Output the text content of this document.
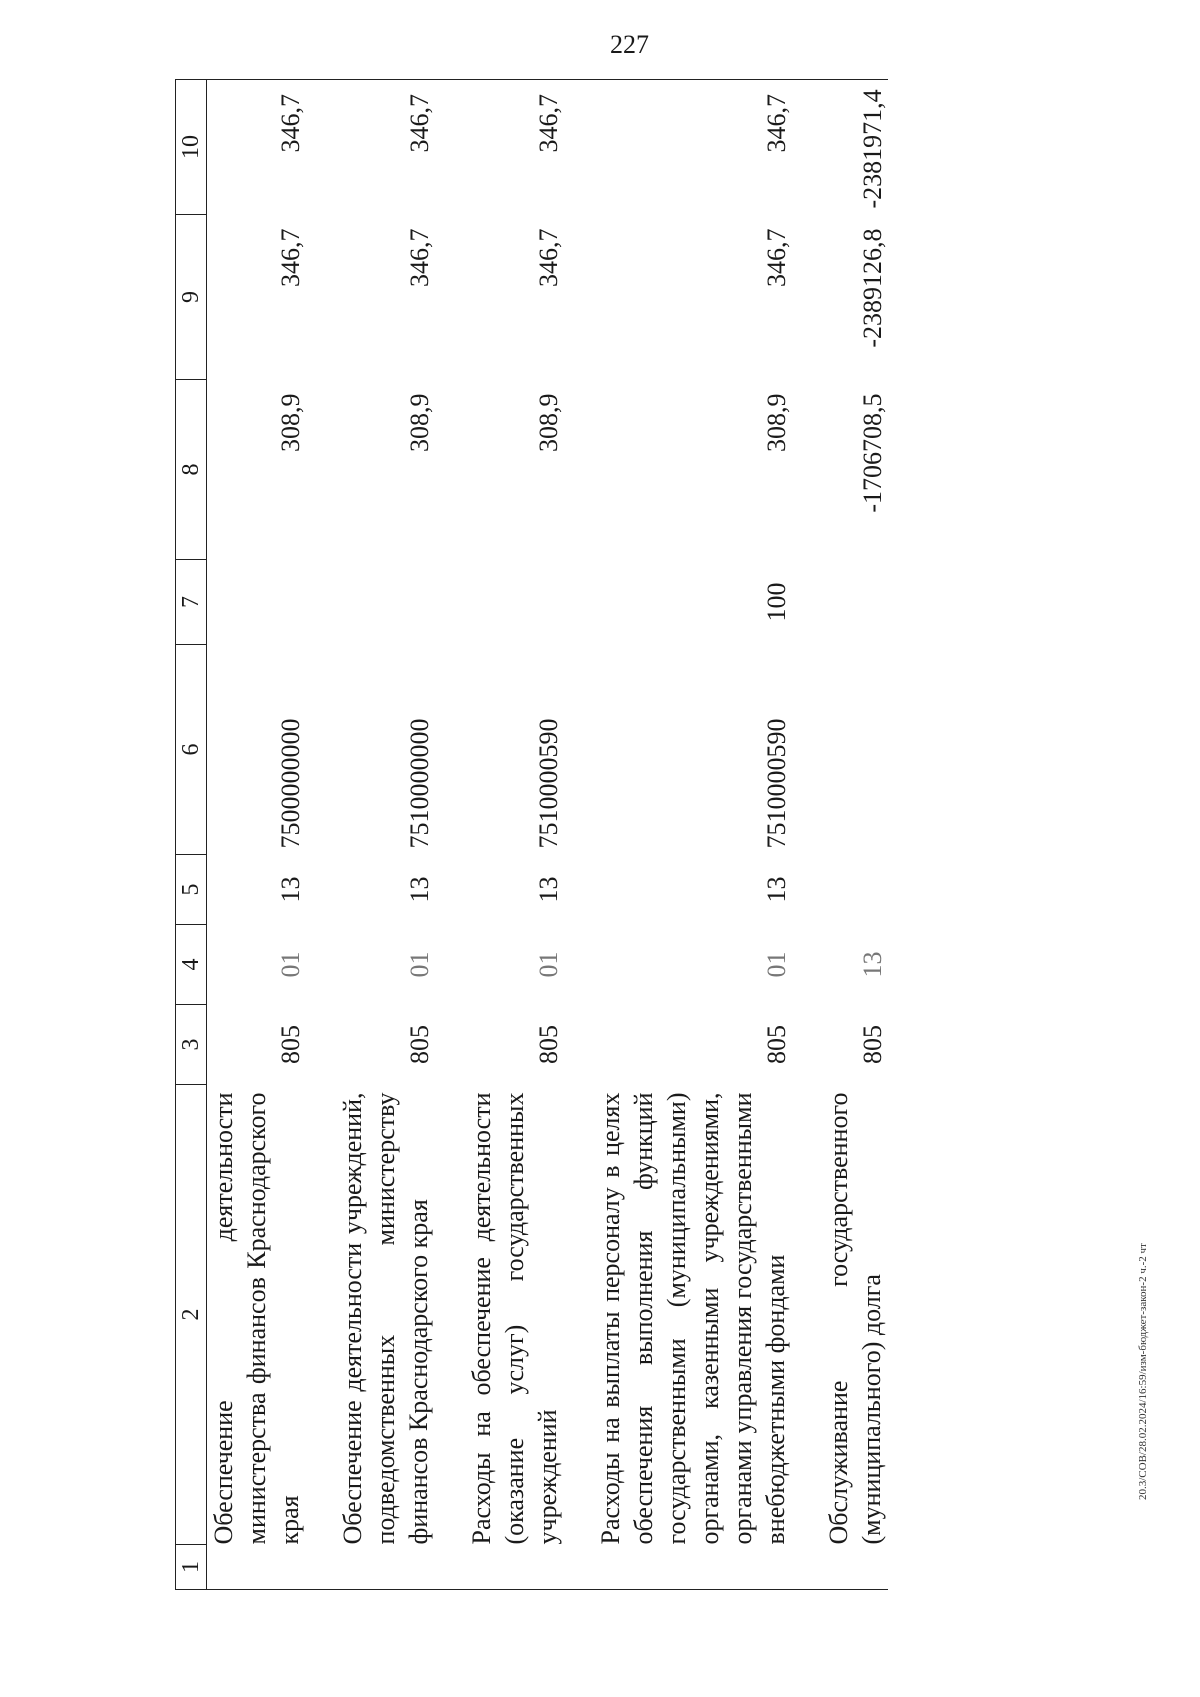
227
20.3/СОВ/28.02.2024/16:59/изм-бюджет-закон-2 ч.-2 чт
1	2	3	4	5	6	7	8	9	10
	Обеспечение деятельности министерства финансов Краснодарского края	805	01	13	7500000000		308,9	346,7	346,7

	Обеспечение деятельности учреждений, подведомственных министерству финансов Краснодарского края	805	01	13	7510000000		308,9	346,7	346,7

	Расходы на обеспечение деятельности (оказание услуг) государственных учреждений	805	01	13	7510000590		308,9	346,7	346,7

	Расходы на выплаты персоналу в целях обеспечения выполнения функций государственными (муниципальными) органами, казенными учреждениями, органами управления государственными внебюджетными фондами	805	01	13	7510000590	100	308,9	346,7	346,7

	Обслуживание государственного (муниципального) долга	805	13				-1706708,5	-2389126,8	-2381971,4
